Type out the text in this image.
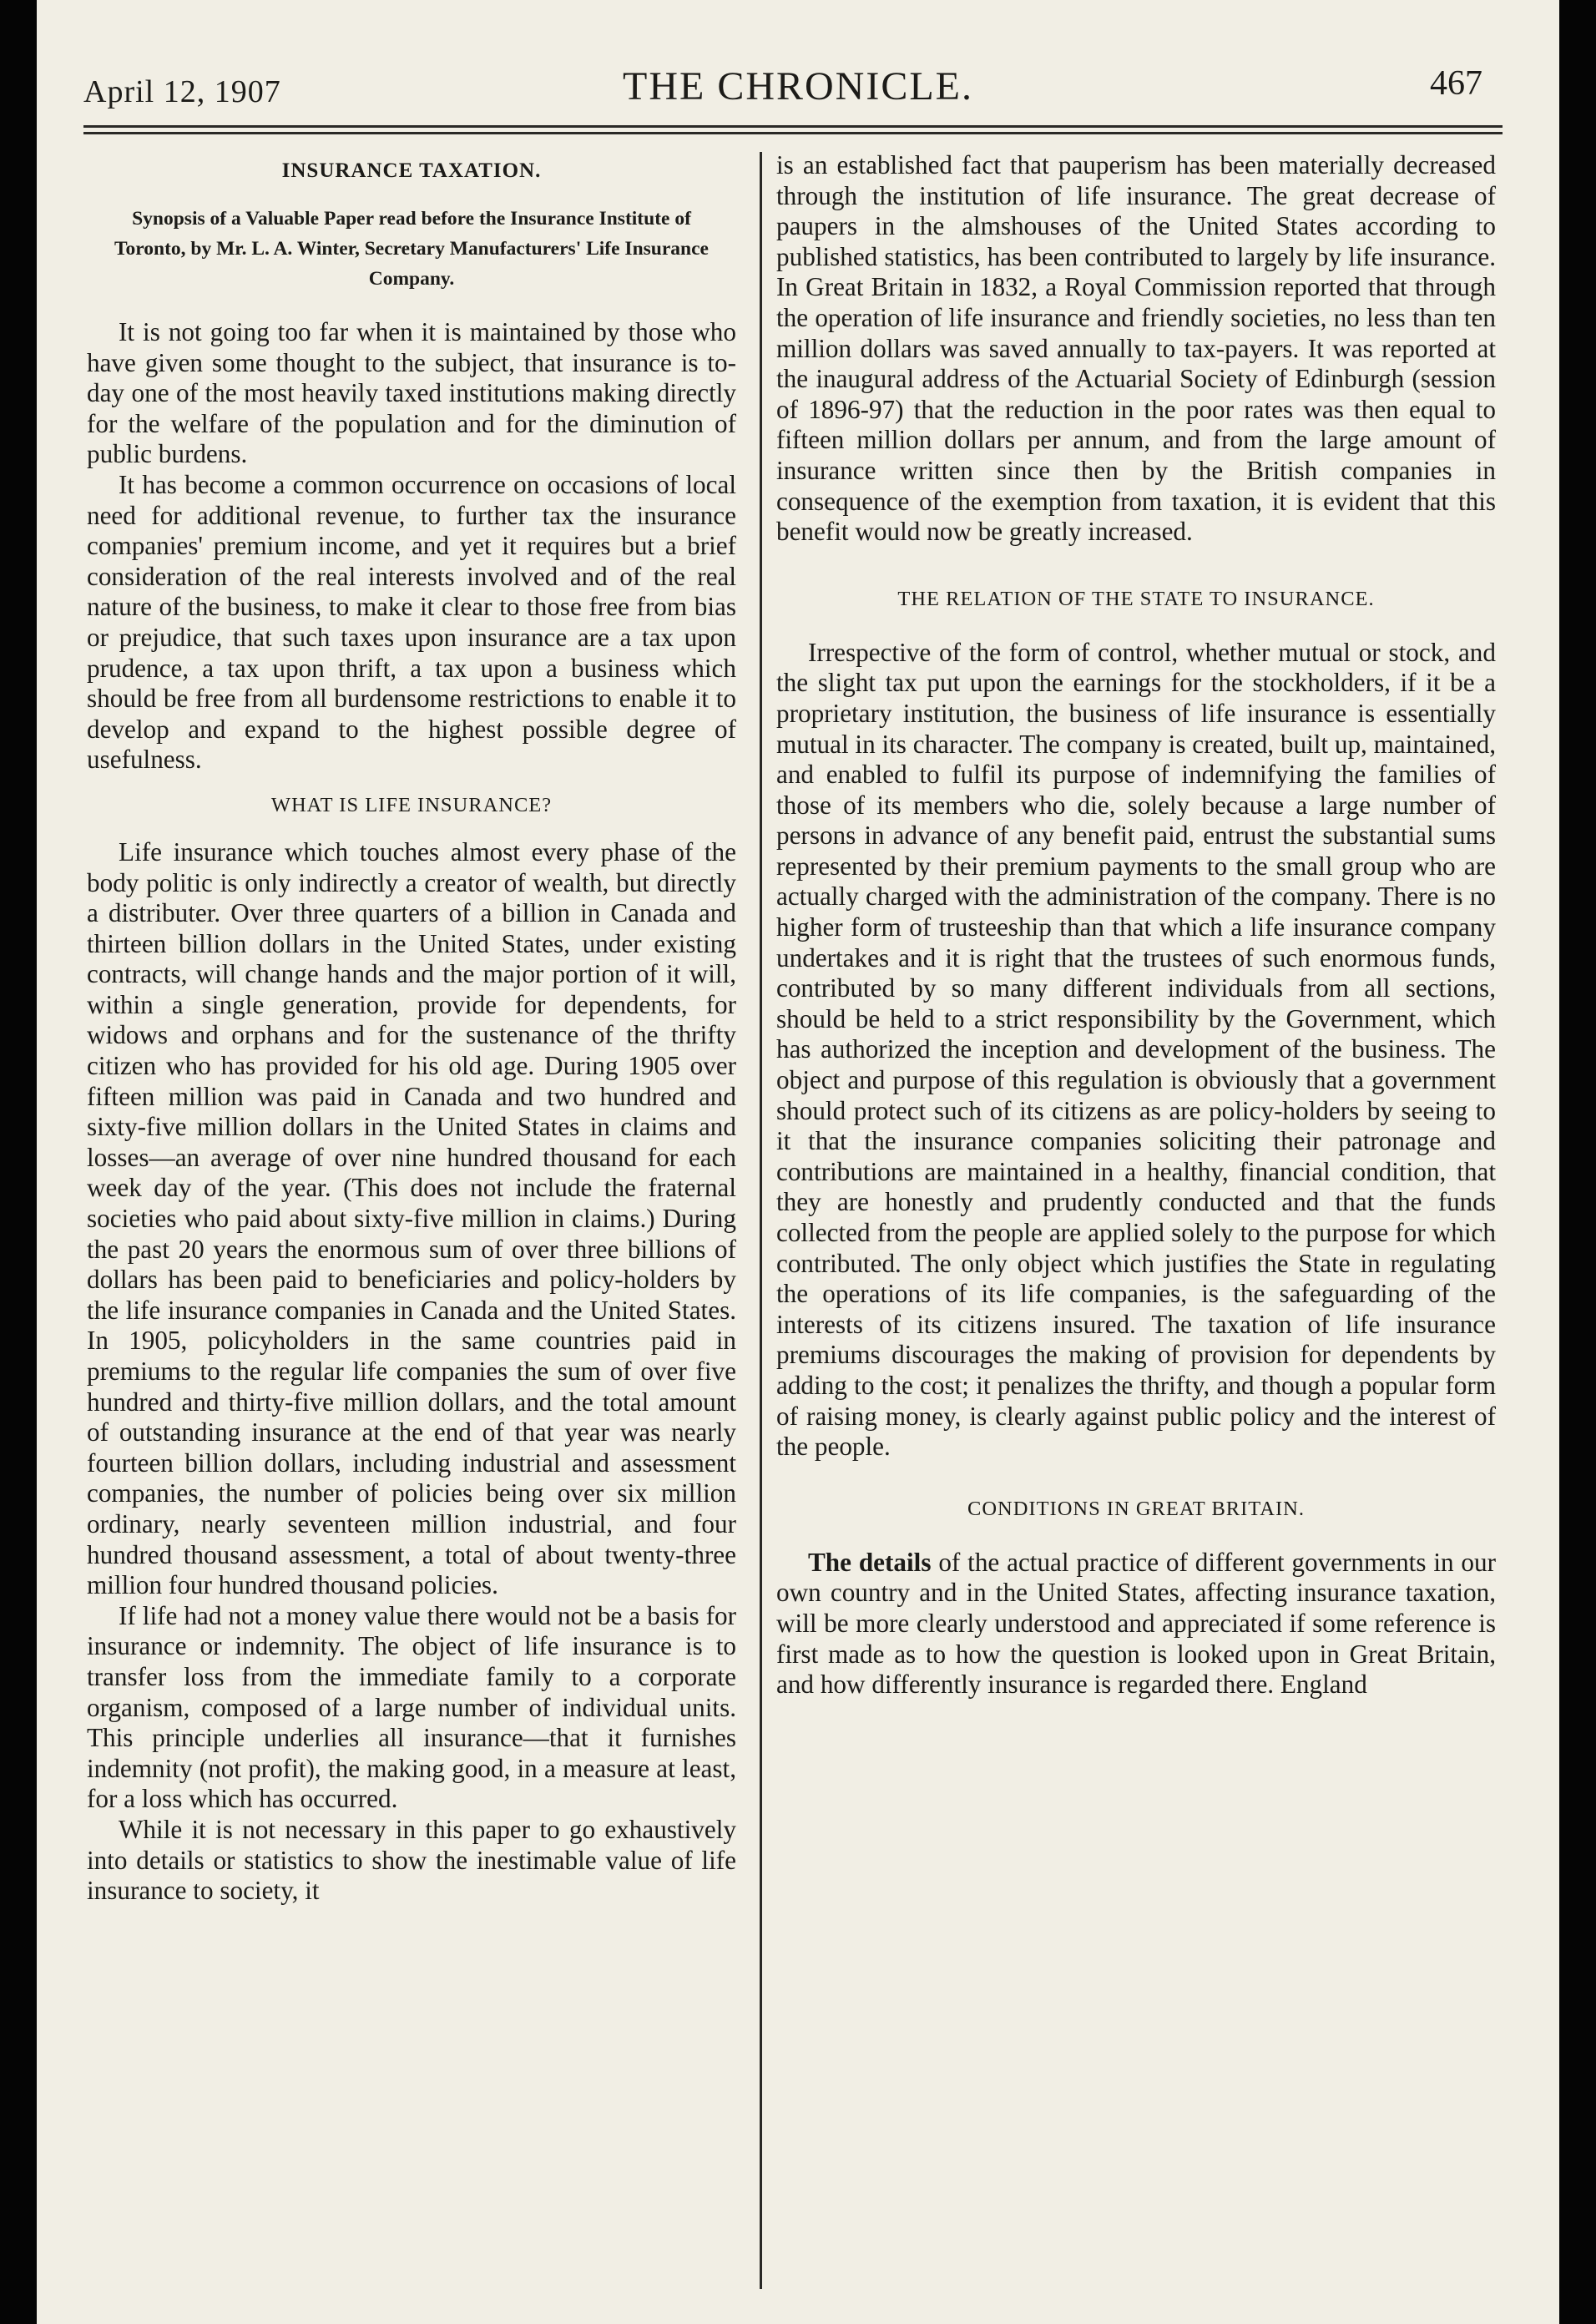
April 12, 1907	THE CHRONICLE.	467
INSURANCE TAXATION.
Synopsis of a Valuable Paper read before the Insurance Institute of Toronto, by Mr. L. A. Winter, Secretary Manufacturers' Life Insurance Company.

It is not going too far when it is maintained by those who have given some thought to the subject, that insurance is to-day one of the most heavily taxed institutions making directly for the welfare of the population and for the diminution of public burdens.

It has become a common occurrence on occasions of local need for additional revenue, to further tax the insurance companies' premium income, and yet it requires but a brief consideration of the real interests involved and of the real nature of the business, to make it clear to those free from bias or prejudice, that such taxes upon insurance are a tax upon prudence, a tax upon thrift, a tax upon a business which should be free from all burdensome restrictions to enable it to develop and expand to the highest possible degree of usefulness.

WHAT IS LIFE INSURANCE?

Life insurance which touches almost every phase of the body politic is only indirectly a creator of wealth, but directly a distributer. Over three quarters of a billion in Canada and thirteen billion dollars in the United States, under existing contracts, will change hands and the major portion of it will, within a single generation, provide for dependents, for widows and orphans and for the sustenance of the thrifty citizen who has provided for his old age. During 1905 over fifteen million was paid in Canada and two hundred and sixty-five million dollars in the United States in claims and losses—an average of over nine hundred thousand for each week day of the year. (This does not include the fraternal societies who paid about sixty-five million in claims.) During the past 20 years the enormous sum of over three billions of dollars has been paid to beneficiaries and policy-holders by the life insurance companies in Canada and the United States. In 1905, policyholders in the same countries paid in premiums to the regular life companies the sum of over five hundred and thirty-five million dollars, and the total amount of outstanding insurance at the end of that year was nearly fourteen billion dollars, including industrial and assessment companies, the number of policies being over six million ordinary, nearly seventeen million industrial, and four hundred thousand assessment, a total of about twenty-three million four hundred thousand policies.

If life had not a money value there would not be a basis for insurance or indemnity. The object of life insurance is to transfer loss from the immediate family to a corporate organism, composed of a large number of individual units. This principle underlies all insurance—that it furnishes indemnity (not profit), the making good, in a measure at least, for a loss which has occurred.

While it is not necessary in this paper to go exhaustively into details or statistics to show the inestimable value of life insurance to society, it

is an established fact that pauperism has been materially decreased through the institution of life insurance. The great decrease of paupers in the almshouses of the United States according to published statistics, has been contributed to largely by life insurance. In Great Britain in 1832, a Royal Commission reported that through the operation of life insurance and friendly societies, no less than ten million dollars was saved annually to tax-payers. It was reported at the inaugural address of the Actuarial Society of Edinburgh (session of 1896-97) that the reduction in the poor rates was then equal to fifteen million dollars per annum, and from the large amount of insurance written since then by the British companies in consequence of the exemption from taxation, it is evident that this benefit would now be greatly increased.

THE RELATION OF THE STATE TO INSURANCE.

Irrespective of the form of control, whether mutual or stock, and the slight tax put upon the earnings for the stockholders, if it be a proprietary institution, the business of life insurance is essentially mutual in its character. The company is created, built up, maintained, and enabled to fulfil its purpose of indemnifying the families of those of its members who die, solely because a large number of persons in advance of any benefit paid, entrust the substantial sums represented by their premium payments to the small group who are actually charged with the administration of the company. There is no higher form of trusteeship than that which a life insurance company undertakes and it is right that the trustees of such enormous funds, contributed by so many different individuals from all sections, should be held to a strict responsibility by the Government, which has authorized the inception and development of the business. The object and purpose of this regulation is obviously that a government should protect such of its citizens as are policy-holders by seeing to it that the insurance companies soliciting their patronage and contributions are maintained in a healthy, financial condition, that they are honestly and prudently conducted and that the funds collected from the people are applied solely to the purpose for which contributed. The only object which justifies the State in regulating the operations of its life companies, is the safeguarding of the interests of its citizens insured. The taxation of life insurance premiums discourages the making of provision for dependents by adding to the cost; it penalizes the thrifty, and though a popular form of raising money, is clearly against public policy and the interest of the people.

CONDITIONS IN GREAT BRITAIN.

The details of the actual practice of different governments in our own country and in the United States, affecting insurance taxation, will be more clearly understood and appreciated if some reference is first made as to how the question is looked upon in Great Britain, and how differently insurance is regarded there. England
